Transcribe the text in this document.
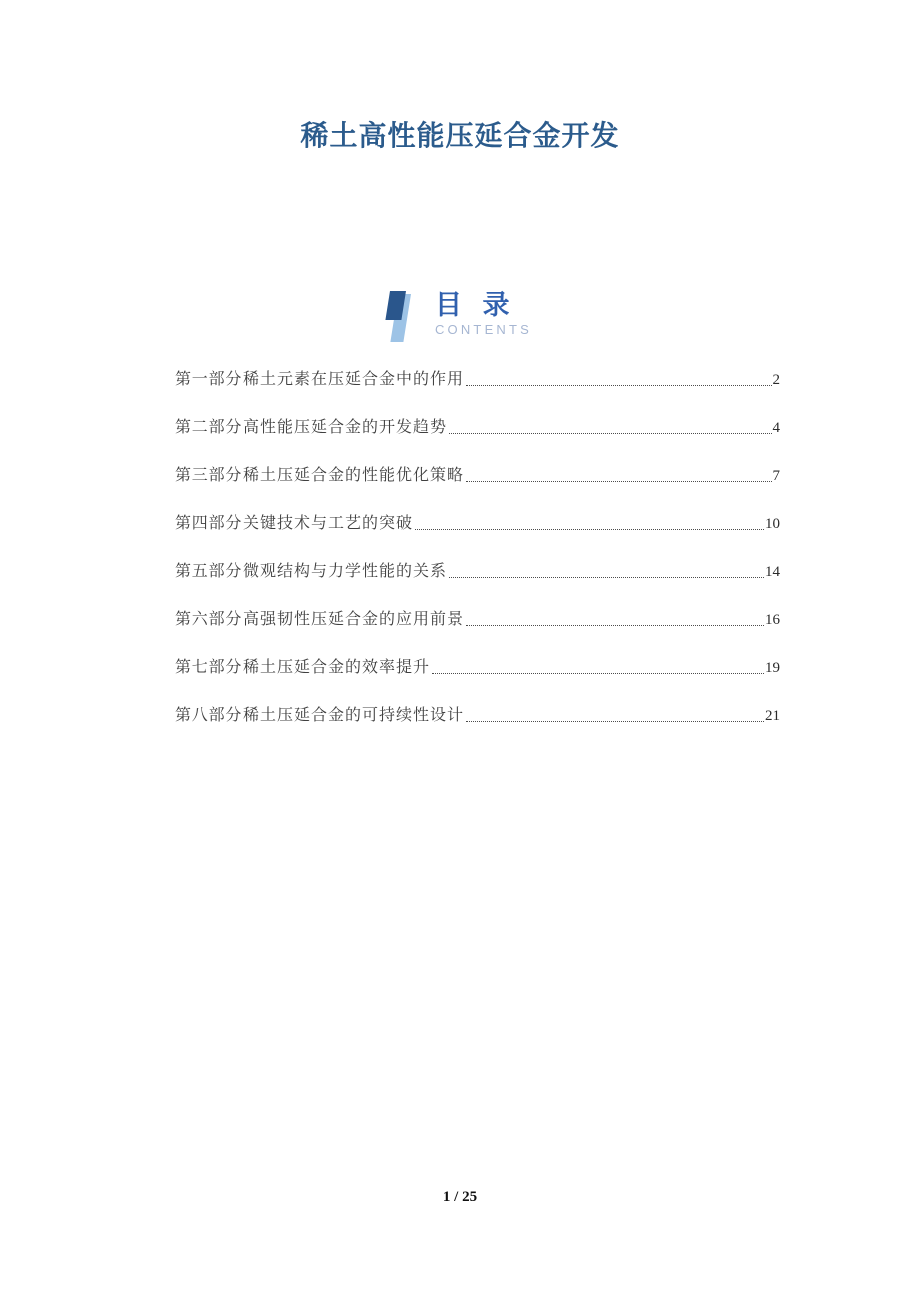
稀土高性能压延合金开发
目 录
CONTENTS
第一部分 稀土元素在压延合金中的作用	2
第二部分 高性能压延合金的开发趋势	4
第三部分 稀土压延合金的性能优化策略	7
第四部分 关键技术与工艺的突破	10
第五部分 微观结构与力学性能的关系	14
第六部分 高强韧性压延合金的应用前景	16
第七部分 稀土压延合金的效率提升	19
第八部分 稀土压延合金的可持续性设计	21
1 / 25
